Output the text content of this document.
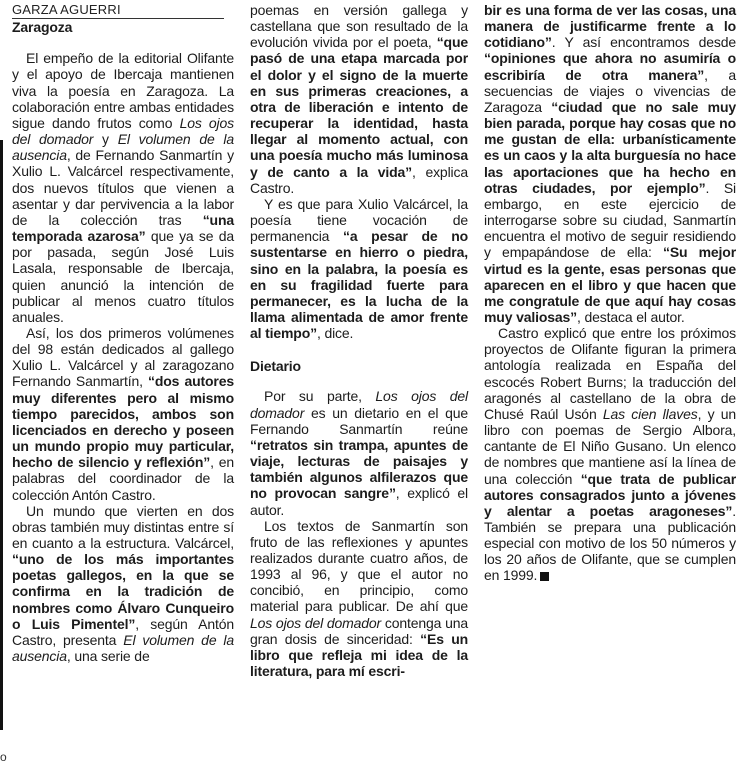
o
GARZA AGUERRI
Zaragoza

El empeño de la editorial Olifante y el apoyo de Ibercaja mantienen viva la poesía en Zaragoza. La colaboración entre ambas entidades sigue dando frutos como Los ojos del domador y El volumen de la ausencia, de Fernando Sanmartín y Xulio L. Valcárcel respectivamente, dos nuevos títulos que vienen a asentar y dar pervivencia a la labor de la colección tras “una temporada azarosa” que ya se da por pasada, según José Luis Lasala, responsable de Ibercaja, quien anunció la intención de publicar al menos cuatro títulos anuales.

Así, los dos primeros volúmenes del 98 están dedicados al gallego Xulio L. Valcárcel y al zaragozano Fernando Sanmartín, “dos autores muy diferentes pero al mismo tiempo parecidos, ambos son licenciados en derecho y poseen un mundo propio muy particular, hecho de silencio y reflexión”, en palabras del coordinador de la colección Antón Castro.

Un mundo que vierten en dos obras también muy distintas entre sí en cuanto a la estructura. Valcárcel, “uno de los más importantes poetas gallegos, en la que se confirma en la tradición de nombres como Álvaro Cunqueiro o Luis Pimentel”, según Antón Castro, presenta El volumen de la ausencia, una serie de

poemas en versión gallega y castellana que son resultado de la evolución vivida por el poeta, “que pasó de una etapa marcada por el dolor y el signo de la muerte en sus primeras creaciones, a otra de liberación e intento de recuperar la identidad, hasta llegar al momento actual, con una poesía mucho más luminosa y de canto a la vida”, explica Castro.

Y es que para Xulio Valcárcel, la poesía tiene vocación de permanencia “a pesar de no sustentarse en hierro o piedra, sino en la palabra, la poesía es en su fragilidad fuerte para permanecer, es la lucha de la llama alimentada de amor frente al tiempo”, dice.

Dietario

Por su parte, Los ojos del domador es un dietario en el que Fernando Sanmartín reúne “retratos sin trampa, apuntes de viaje, lecturas de paisajes y también algunos alfilerazos que no provocan sangre”, explicó el autor.

Los textos de Sanmartín son fruto de las reflexiones y apuntes realizados durante cuatro años, de 1993 al 96, y que el autor no concibió, en principio, como material para publicar. De ahí que Los ojos del domador contenga una gran dosis de sinceridad: “Es un libro que refleja mi idea de la literatura, para mí escri-

bir es una forma de ver las cosas, una manera de justificarme frente a lo cotidiano”. Y así encontramos desde “opiniones que ahora no asumiría o escribiría de otra manera”, a secuencias de viajes o vivencias de Zaragoza “ciudad que no sale muy bien parada, porque hay cosas que no me gustan de ella: urbanísticamente es un caos y la alta burguesía no hace las aportaciones que ha hecho en otras ciudades, por ejemplo”. Si embargo, en este ejercicio de interrogarse sobre su ciudad, Sanmartín encuentra el motivo de seguir residiendo y empapándose de ella: “Su mejor virtud es la gente, esas personas que aparecen en el libro y que hacen que me congratule de que aquí hay cosas muy valiosas”, destaca el autor.

Castro explicó que entre los próximos proyectos de Olifante figuran la primera antología realizada en España del escocés Robert Burns; la traducción del aragonés al castellano de la obra de Chusé Raúl Usón Las cien llaves, y un libro con poemas de Sergio Albora, cantante de El Niño Gusano. Un elenco de nombres que mantiene así la línea de una colección “que trata de publicar autores consagrados junto a jóvenes y alentar a poetas aragoneses”. También se prepara una publicación especial con motivo de los 50 números y los 20 años de Olifante, que se cumplen en 1999.
